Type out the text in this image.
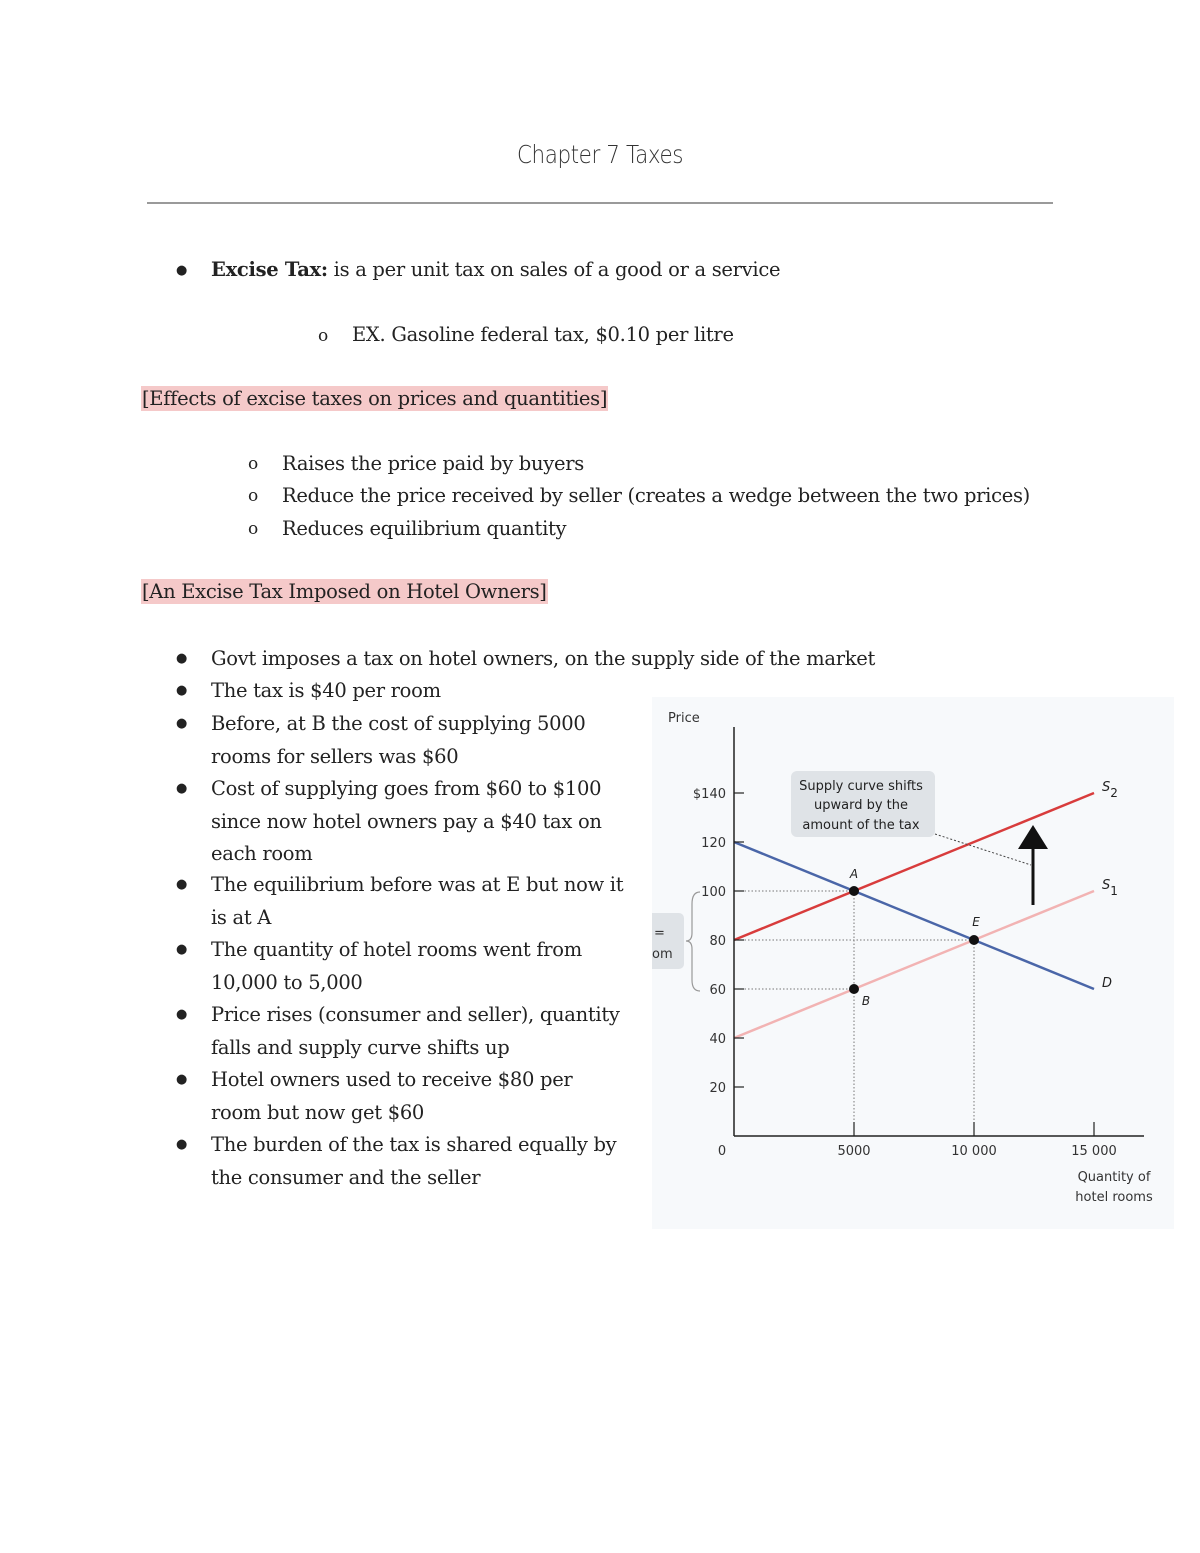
Chapter 7 Taxes
● Excise Tax: is a per unit tax on sales of a good or a service
o EX. Gasoline federal tax, $0.10 per litre
[Effects of excise taxes on prices and quantities]
o Raises the price paid by buyers
o Reduce the price received by seller (creates a wedge between the two prices)
o Reduces equilibrium quantity
[An Excise Tax Imposed on Hotel Owners]
● Govt imposes a tax on hotel owners, on the supply side of the market
● The tax is $40 per room
● Before, at B the cost of supplying 5000 rooms for sellers was $60
● Cost of supplying goes from $60 to $100 since now hotel owners pay a $40 tax on each room
● The equilibrium before was at E but now it is at A
● The quantity of hotel rooms went from 10,000 to 5,000
● Price rises (consumer and seller), quantity falls and supply curve shifts up
● Hotel owners used to receive $80 per room but now get $60
● The burden of the tax is shared equally by the consumer and the seller
Price
Quantity of
hotel rooms
=
om
Supply curve shifts
upward by the
amount of the tax
20
40
60
80
100
120
$140
0	5000	10 000	15 000
S2
S1
D
A
E
B
